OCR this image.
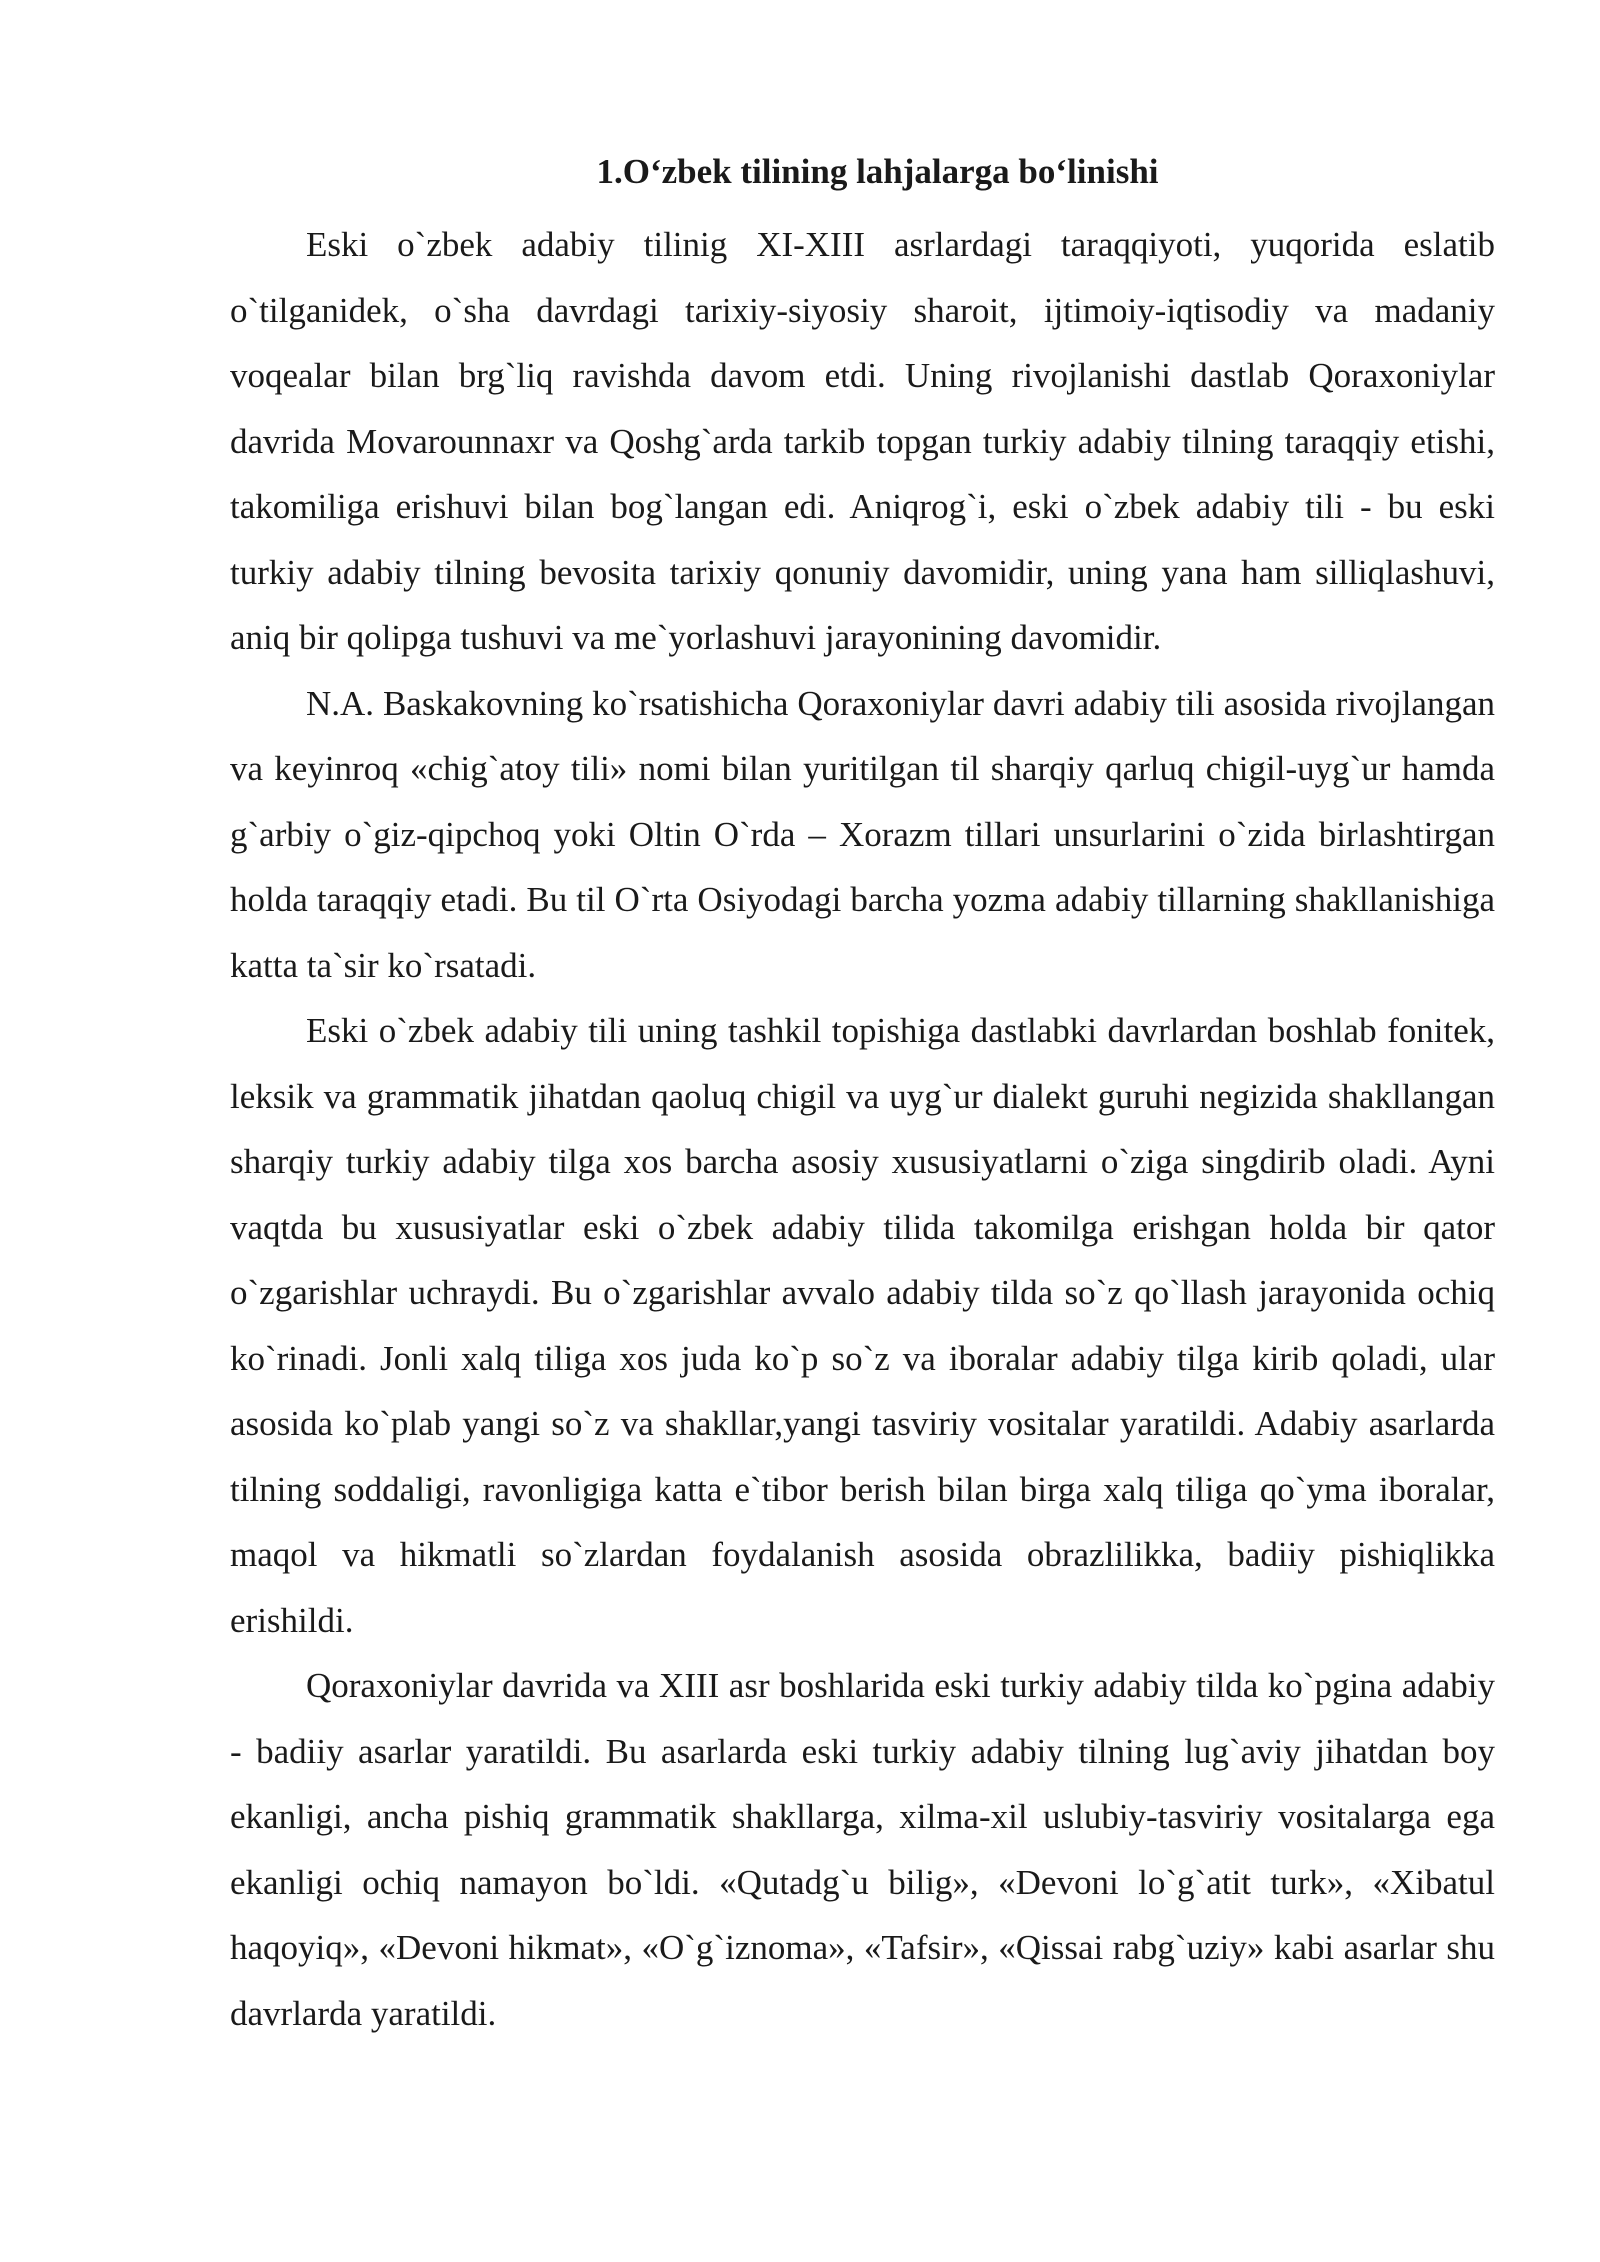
1.O‘zbek tilining lahjalarga bo‘linishi

Eski o`zbek adabiy tilinig XI-XIII asrlardagi taraqqiyoti, yuqorida eslatib o`tilganidek, o`sha davrdagi tarixiy-siyosiy sharoit, ijtimoiy-iqtisodiy va madaniy voqealar bilan brg`liq ravishda davom etdi. Uning rivojlanishi dastlab Qoraxoniylar davrida Movarounnaxr va Qoshg`arda tarkib topgan turkiy adabiy tilning taraqqiy etishi, takomiliga erishuvi bilan bog`langan edi. Aniqrog`i, eski o`zbek adabiy tili - bu eski turkiy adabiy tilning bevosita tarixiy qonuniy davomidir, uning yana ham silliqlashuvi, aniq bir qolipga tushuvi va me`yorlashuvi jarayonining davomidir.

N.A. Baskakovning ko`rsatishicha Qoraxoniylar davri adabiy tili asosida rivojlangan va keyinroq «chig`atoy tili» nomi bilan yuritilgan til sharqiy qarluq chigil-uyg`ur hamda g`arbiy o`giz-qipchoq yoki Oltin O`rda – Xorazm tillari unsurlarini o`zida birlashtirgan holda taraqqiy etadi. Bu til O`rta Osiyodagi barcha yozma adabiy tillarning shakllanishiga katta ta`sir ko`rsatadi.

Eski o`zbek adabiy tili uning tashkil topishiga dastlabki davrlardan boshlab fonitek, leksik va grammatik jihatdan qaoluq chigil va uyg`ur dialekt guruhi negizida shakllangan sharqiy turkiy adabiy tilga xos barcha asosiy xususiyatlarni o`ziga singdirib oladi. Ayni vaqtda bu xususiyatlar eski o`zbek adabiy tilida takomilga erishgan holda bir qator o`zgarishlar uchraydi. Bu o`zgarishlar avvalo adabiy tilda so`z qo`llash jarayonida ochiq ko`rinadi. Jonli xalq tiliga xos juda ko`p so`z va iboralar adabiy tilga kirib qoladi, ular asosida ko`plab yangi so`z va shakllar,yangi tasviriy vositalar yaratildi. Adabiy asarlarda tilning soddaligi, ravonligiga katta e`tibor berish bilan birga xalq tiliga qo`yma iboralar, maqol va hikmatli so`zlardan foydalanish asosida obrazlilikka, badiiy pishiqlikka erishildi.

Qoraxoniylar davrida va XIII asr boshlarida eski turkiy adabiy tilda ko`pgina adabiy - badiiy asarlar yaratildi. Bu asarlarda eski turkiy adabiy tilning lug`aviy jihatdan boy ekanligi, ancha pishiq grammatik shakllarga, xilma-xil uslubiy-tasviriy vositalarga ega ekanligi ochiq namayon bo`ldi. «Qutadg`u bilig», «Devoni lo`g`atit turk», «Xibatul haqoyiq», «Devoni hikmat», «O`g`iznoma», «Tafsir», «Qissai rabg`uziy» kabi asarlar shu davrlarda yaratildi.
